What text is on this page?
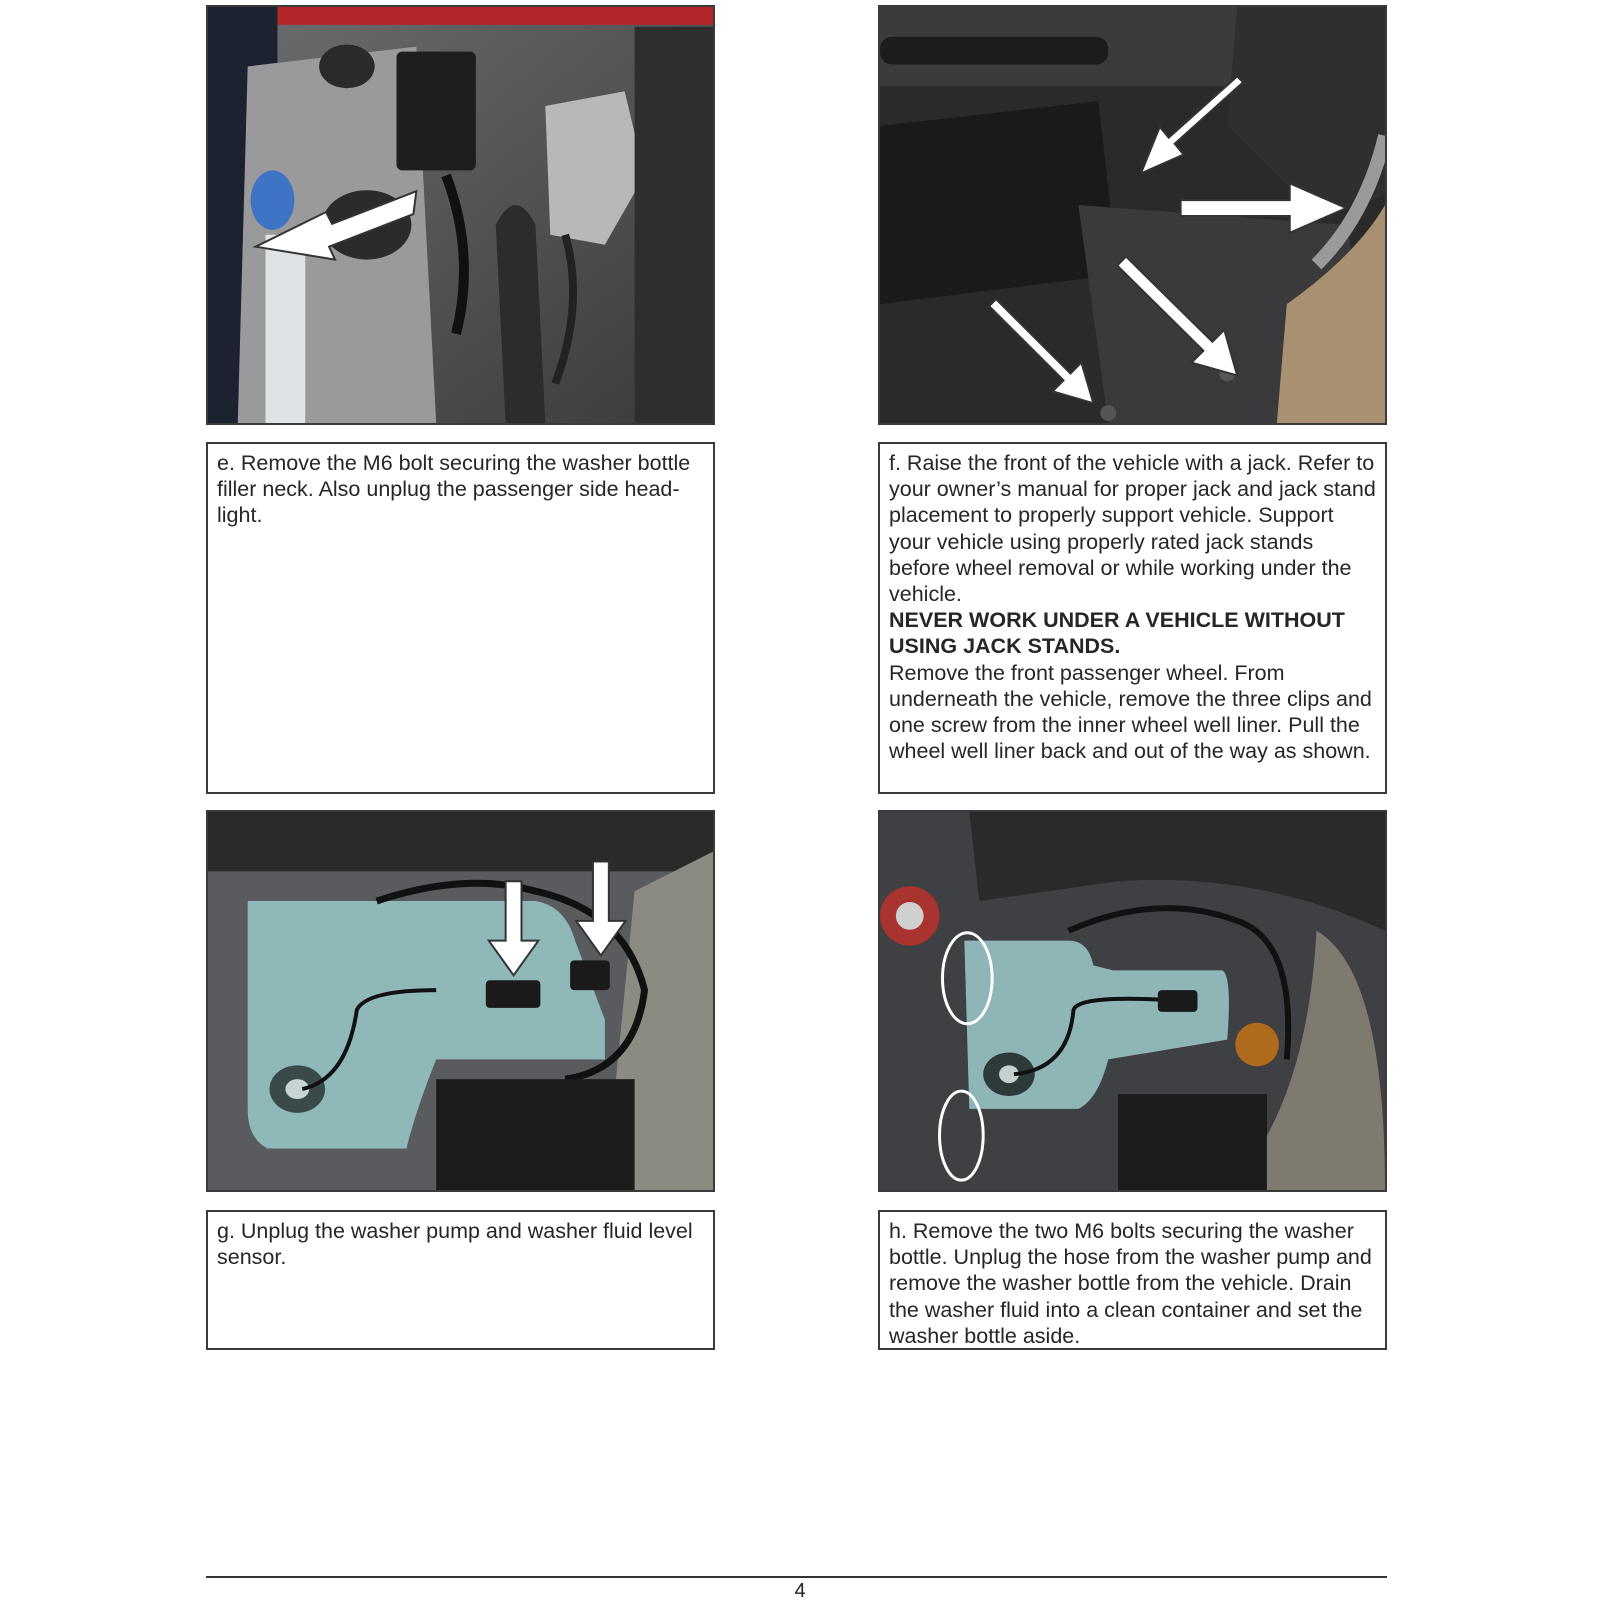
e. Remove the M6 bolt securing the washer bottle filler neck. Also unplug the passenger side head-light.

f. Raise the front of the vehicle with a jack. Refer to your owner’s manual for proper jack and jack stand placement to properly support vehicle. Support your vehicle using properly rated jack stands before wheel removal or while working under the vehicle.

NEVER WORK UNDER A VEHICLE WITHOUT USING JACK STANDS.

Remove the front passenger wheel. From underneath the vehicle, remove the three clips and one screw from the inner wheel well liner. Pull the wheel well liner back and out of the way as shown.

g. Unplug the washer pump and washer fluid level sensor.

h. Remove the two M6 bolts securing the washer bottle. Unplug the hose from the washer pump and remove the washer bottle from the vehicle. Drain the washer fluid into a clean container and set the washer bottle aside.

4
